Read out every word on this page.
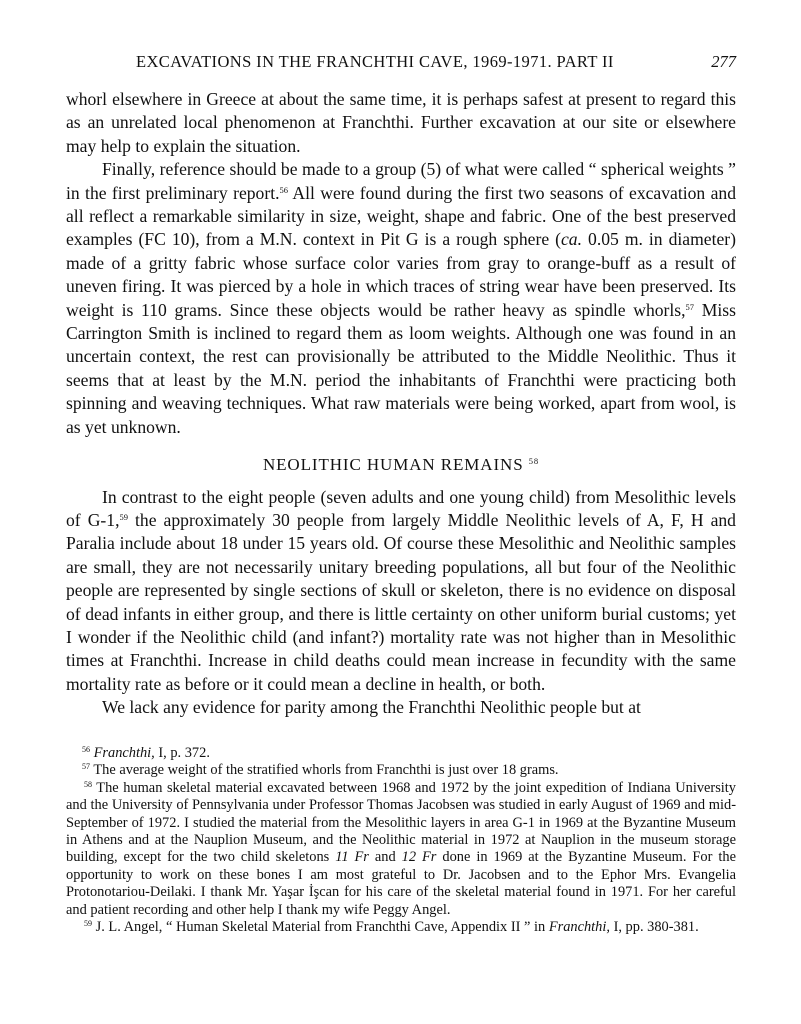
EXCAVATIONS IN THE FRANCHTHI CAVE, 1969-1971. PART II	277

whorl elsewhere in Greece at about the same time, it is perhaps safest at present to regard this as an unrelated local phenomenon at Franchthi. Further excavation at our site or elsewhere may help to explain the situation.

Finally, reference should be made to a group (5) of what were called “ spherical weights ” in the first preliminary report.$^{56}$ All were found during the first two seasons of excavation and all reflect a remarkable similarity in size, weight, shape and fabric. One of the best preserved examples (FC 10), from a M.N. context in Pit G is a rough sphere (ca. 0.05 m. in diameter) made of a gritty fabric whose surface color varies from gray to orange-buff as a result of uneven firing. It was pierced by a hole in which traces of string wear have been preserved. Its weight is 110 grams. Since these objects would be rather heavy as spindle whorls,$^{57}$ Miss Carrington Smith is inclined to regard them as loom weights. Although one was found in an uncertain context, the rest can provisionally be attributed to the Middle Neolithic. Thus it seems that at least by the M.N. period the inhabitants of Franchthi were practicing both spinning and weaving techniques. What raw materials were being worked, apart from wool, is as yet unknown.

NEOLITHIC HUMAN REMAINS $^{58}$

In contrast to the eight people (seven adults and one young child) from Mesolithic levels of G-1,59 the approximately 30 people from largely Middle Neolithic levels of A, F, H and Paralia include about 18 under 15 years old. Of course these Mesolithic and Neolithic samples are small, they are not necessarily unitary breeding populations, all but four of the Neolithic people are represented by single sections of skull or skeleton, there is no evidence on disposal of dead infants in either group, and there is little certainty on other uniform burial customs; yet I wonder if the Neolithic child (and infant?) mortality rate was not higher than in Mesolithic times at Franchthi. Increase in child deaths could mean increase in fecundity with the same mortality rate as before or it could mean a decline in health, or both.

We lack any evidence for parity among the Franchthi Neolithic people but at

$^{56}$ Franchthi, I, p. 372.

$^{57}$ The average weight of the stratified whorls from Franchthi is just over 18 grams.

$^{58}$ The human skeletal material excavated between 1968 and 1972 by the joint expedition of Indiana University and the University of Pennsylvania under Professor Thomas Jacobsen was studied in early August of 1969 and mid-September of 1972. I studied the material from the Mesolithic layers in area G-1 in 1969 at the Byzantine Museum in Athens and at the Nauplion Museum, and the Neolithic material in 1972 at Nauplion in the museum storage building, except for the two child skeletons 11 Fr and 12 Fr done in 1969 at the Byzantine Museum. For the opportunity to work on these bones I am most grateful to Dr. Jacobsen and to the Ephor Mrs. Evangelia Protonotariou-Deilaki. I thank Mr. Yaşar İşcan for his care of the skeletal material found in 1971. For her careful and patient recording and other help I thank my wife Peggy Angel.

$^{59}$ J. L. Angel, “ Human Skeletal Material from Franchthi Cave, Appendix II ” in Franchthi, I, pp. 380-381.
